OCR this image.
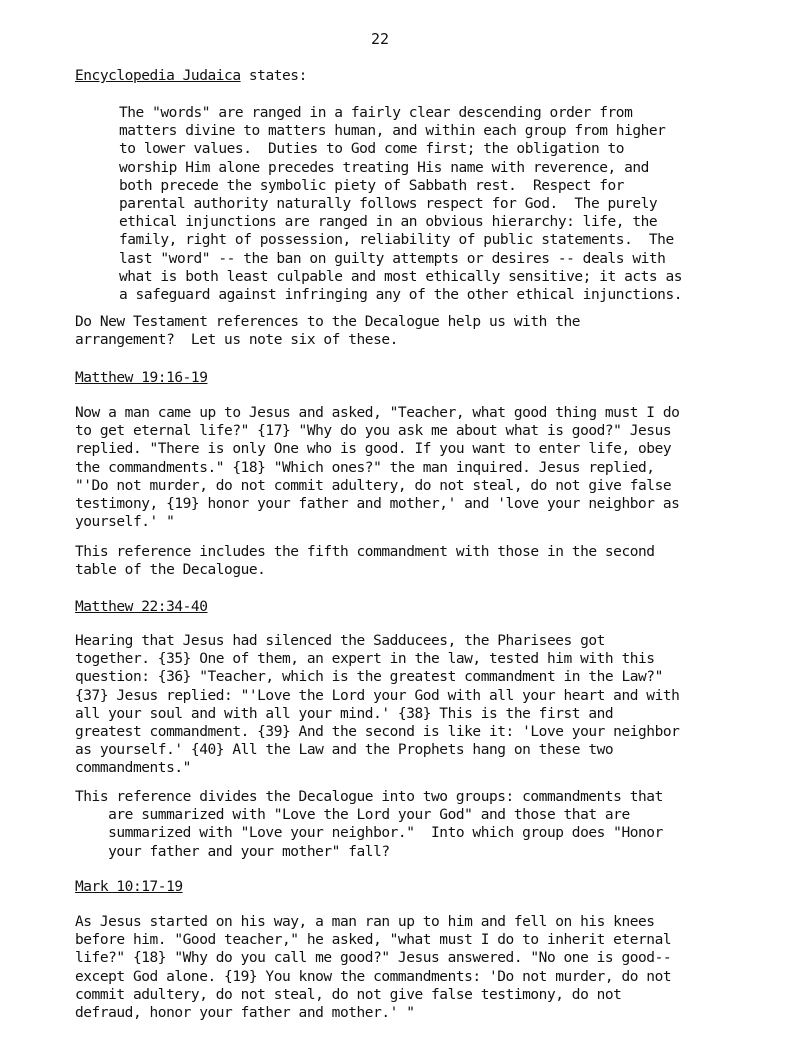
22
Encyclopedia Judaica states:
The "words" are ranged in a fairly clear descending order from
matters divine to matters human, and within each group from higher
to lower values.  Duties to God come first; the obligation to
worship Him alone precedes treating His name with reverence, and
both precede the symbolic piety of Sabbath rest.  Respect for
parental authority naturally follows respect for God.  The purely
ethical injunctions are ranged in an obvious hierarchy: life, the
family, right of possession, reliability of public statements.  The
last "word" -- the ban on guilty attempts or desires -- deals with
what is both least culpable and most ethically sensitive; it acts as
a safeguard against infringing any of the other ethical injunctions.
Do New Testament references to the Decalogue help us with the
arrangement?  Let us note six of these.
Matthew 19:16-19
Now a man came up to Jesus and asked, "Teacher, what good thing must I do
to get eternal life?" {17} "Why do you ask me about what is good?" Jesus
replied. "There is only One who is good. If you want to enter life, obey
the commandments." {18} "Which ones?" the man inquired. Jesus replied,
"'Do not murder, do not commit adultery, do not steal, do not give false
testimony, {19} honor your father and mother,' and 'love your neighbor as
yourself.' "
This reference includes the fifth commandment with those in the second
table of the Decalogue.
Matthew 22:34-40
Hearing that Jesus had silenced the Sadducees, the Pharisees got
together. {35} One of them, an expert in the law, tested him with this
question: {36} "Teacher, which is the greatest commandment in the Law?"
{37} Jesus replied: "'Love the Lord your God with all your heart and with
all your soul and with all your mind.' {38} This is the first and
greatest commandment. {39} And the second is like it: 'Love your neighbor
as yourself.' {40} All the Law and the Prophets hang on these two
commandments."
This reference divides the Decalogue into two groups: commandments that
are summarized with "Love the Lord your God" and those that are
summarized with "Love your neighbor."  Into which group does "Honor
your father and your mother" fall?
Mark 10:17-19
As Jesus started on his way, a man ran up to him and fell on his knees
before him. "Good teacher," he asked, "what must I do to inherit eternal
life?" {18} "Why do you call me good?" Jesus answered. "No one is good--
except God alone. {19} You know the commandments: 'Do not murder, do not
commit adultery, do not steal, do not give false testimony, do not
defraud, honor your father and mother.' "
